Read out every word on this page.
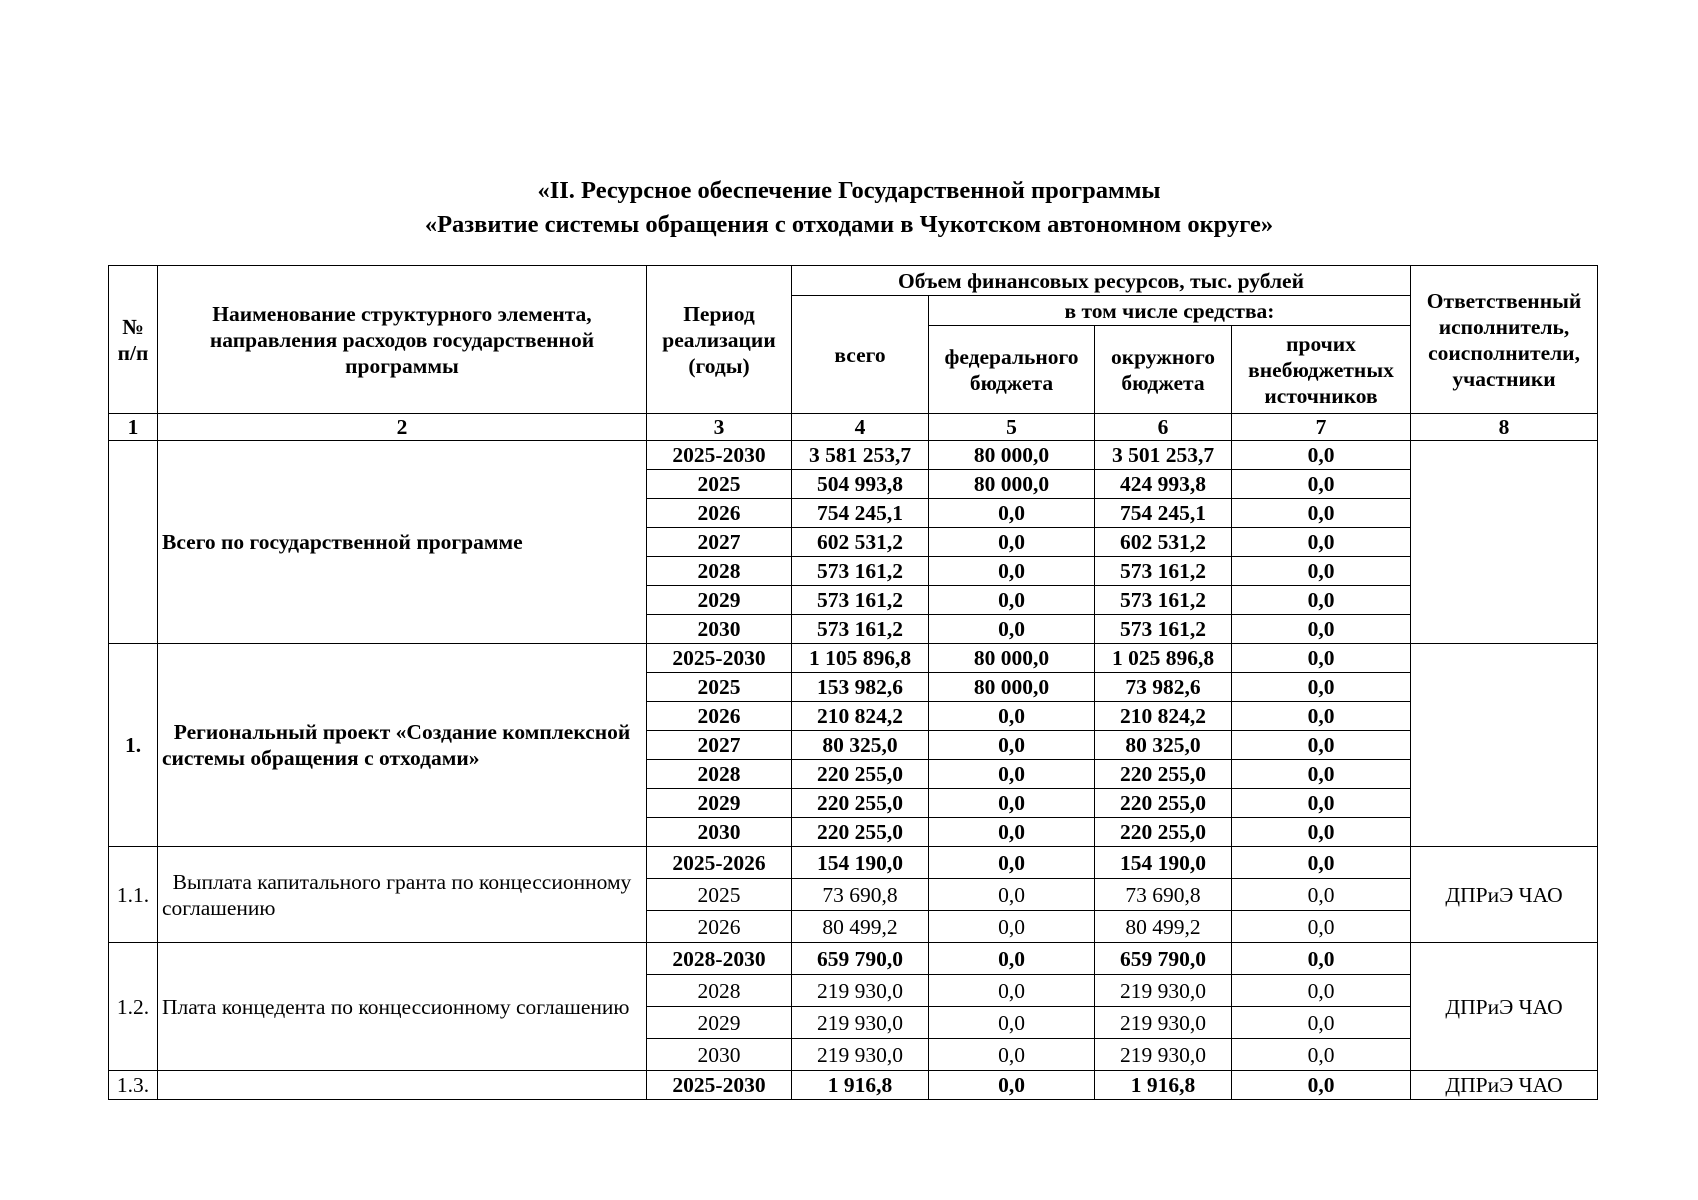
«II. Ресурсное обеспечение Государственной программы
«Развитие системы обращения с отходами в Чукотском автономном округе»
№ п/п	Наименование структурного элемента, направления расходов государственной программы	Период реализации (годы)	Объем финансовых ресурсов, тыс. рублей				Ответственный исполнитель, соисполнители, участники
			всего	в том числе средства:			
				федерального бюджета	окружного бюджета	прочих внебюджетных источников	
1	2	3	4	5	6	7	8
	Всего по государственной программе	2025-2030	3 581 253,7	80 000,0	3 501 253,7	0,0	
		2025	504 993,8	80 000,0	424 993,8	0,0	
		2026	754 245,1	0,0	754 245,1	0,0	
		2027	602 531,2	0,0	602 531,2	0,0	
		2028	573 161,2	0,0	573 161,2	0,0	
		2029	573 161,2	0,0	573 161,2	0,0	
		2030	573 161,2	0,0	573 161,2	0,0	
1.	Региональный проект «Создание комплексной системы обращения с отходами»	2025-2030	1 105 896,8	80 000,0	1 025 896,8	0,0	
		2025	153 982,6	80 000,0	73 982,6	0,0	
		2026	210 824,2	0,0	210 824,2	0,0	
		2027	80 325,0	0,0	80 325,0	0,0	
		2028	220 255,0	0,0	220 255,0	0,0	
		2029	220 255,0	0,0	220 255,0	0,0	
		2030	220 255,0	0,0	220 255,0	0,0	
1.1.	Выплата капитального гранта по концессионному соглашению	2025-2026	154 190,0	0,0	154 190,0	0,0	ДПРиЭ ЧАО
		2025	73 690,8	0,0	73 690,8	0,0	
		2026	80 499,2	0,0	80 499,2	0,0	
1.2.	Плата концедента по концессионному соглашению	2028-2030	659 790,0	0,0	659 790,0	0,0	ДПРиЭ ЧАО
		2028	219 930,0	0,0	219 930,0	0,0	
		2029	219 930,0	0,0	219 930,0	0,0	
		2030	219 930,0	0,0	219 930,0	0,0	
1.3.		2025-2030	1 916,8	0,0	1 916,8	0,0	ДПРиЭ ЧАО
